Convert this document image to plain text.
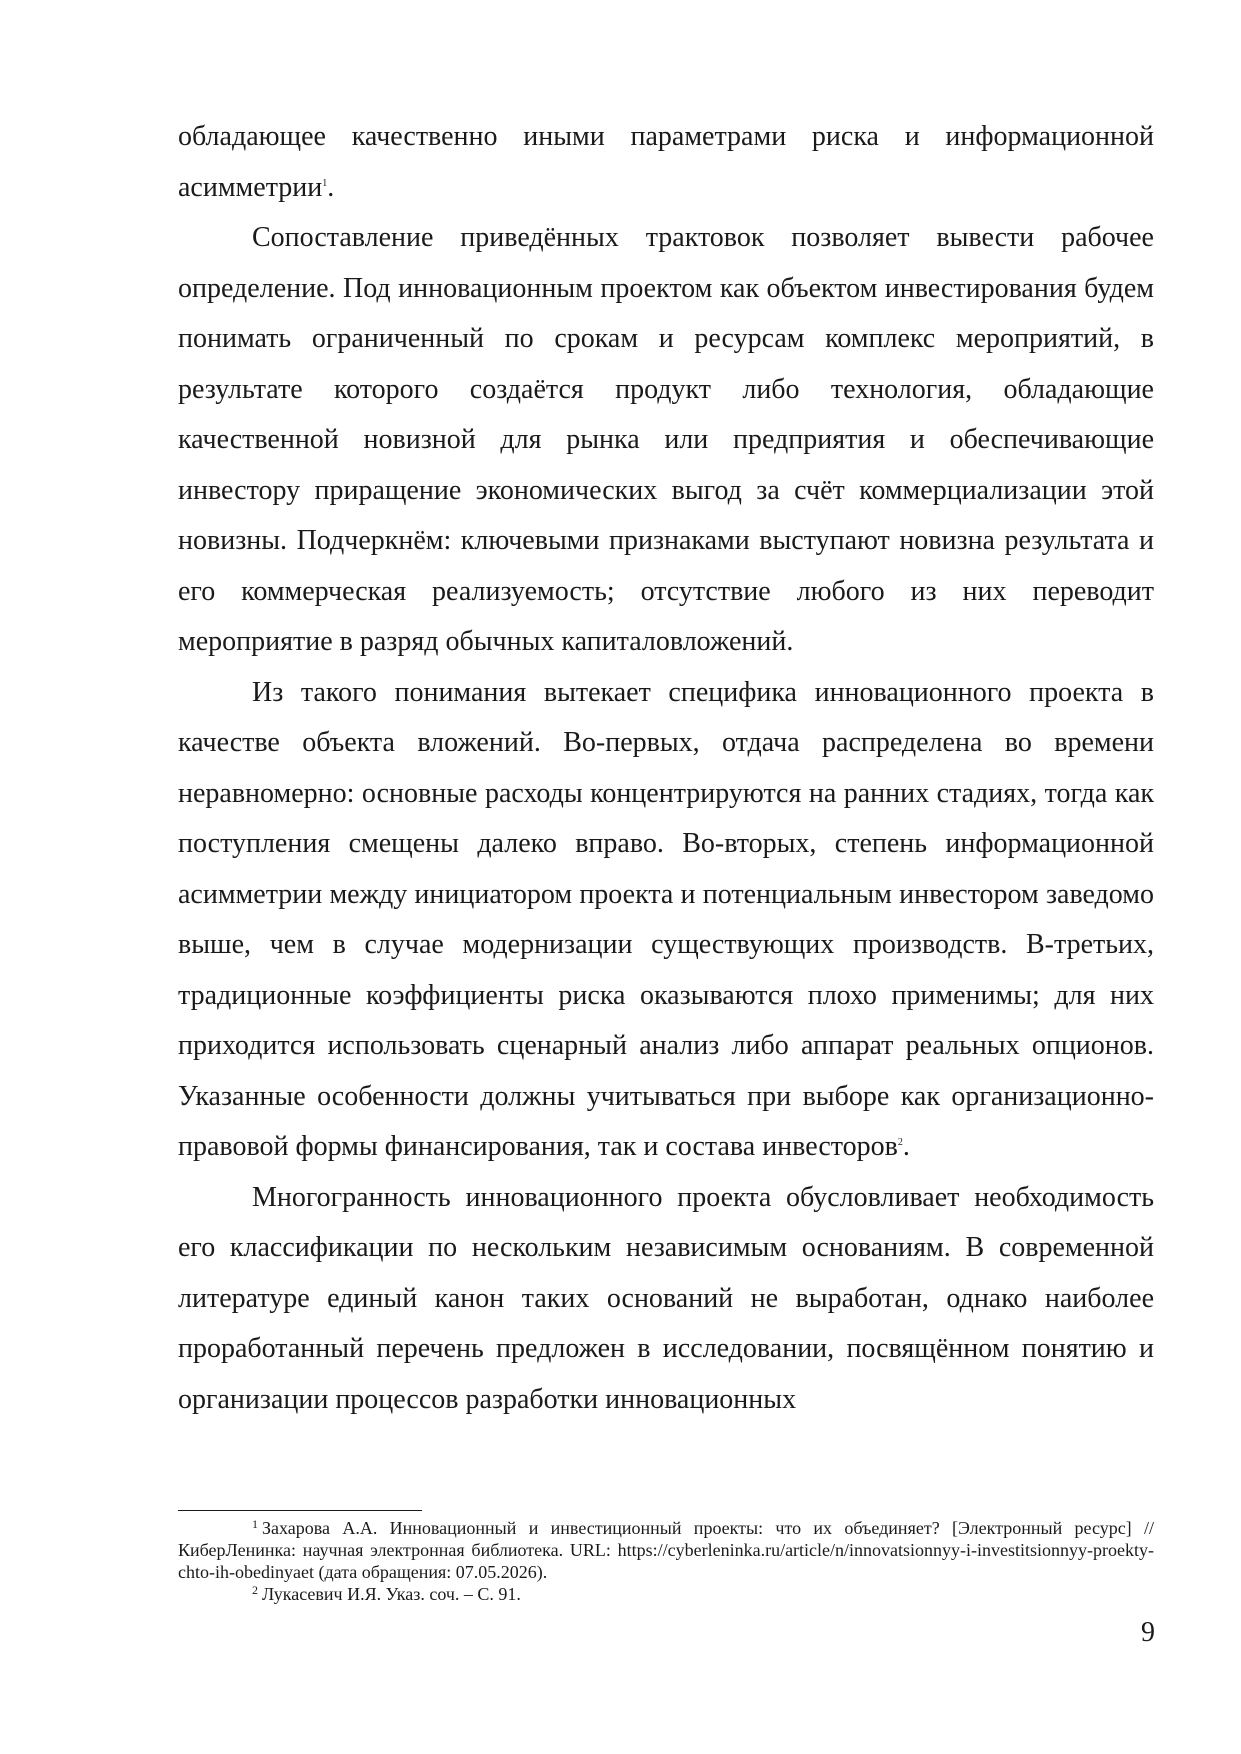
обладающее качественно иными параметрами риска и информационной асимметрии$^1$.

Сопоставление приведённых трактовок позволяет вывести рабочее определение. Под инновационным проектом как объектом инвестирования будем понимать ограниченный по срокам и ресурсам комплекс мероприятий, в результате которого создаётся продукт либо технология, обладающие качественной новизной для рынка или предприятия и обеспечивающие инвестору приращение экономических выгод за счёт коммерциализации этой новизны. Подчеркнём: ключевыми признаками выступают новизна результата и его коммерческая реализуемость; отсутствие любого из них переводит мероприятие в разряд обычных капиталовложений.

Из такого понимания вытекает специфика инновационного проекта в качестве объекта вложений. Во-первых, отдача распределена во времени неравномерно: основные расходы концентрируются на ранних стадиях, тогда как поступления смещены далеко вправо. Во-вторых, степень информационной асимметрии между инициатором проекта и потенциальным инвестором заведомо выше, чем в случае модернизации существующих производств. В-третьих, традиционные коэффициенты риска оказываются плохо применимы; для них приходится использовать сценарный анализ либо аппарат реальных опционов. Указанные особенности должны учитываться при выборе как организационно-правовой формы финансирования, так и состава инвесторов$^2$.

Многогранность инновационного проекта обусловливает необходимость его классификации по нескольким независимым основаниям. В современной литературе единый канон таких оснований не выработан, однако наиболее проработанный перечень предложен в исследовании, посвящённом понятию и организации процессов разработки инновационных

$^1$ Захарова А.А. Инновационный и инвестиционный проекты: что их объединяет? [Электронный ресурс] // КиберЛенинка: научная электронная библиотека. URL: https://cyberleninka.ru/article/n/innovatsionnyy-i-investitsionnyy-proekty-chto-ih-obedinyaet (дата обращения: 07.05.2026).

$^2$ Лукасевич И.Я. Указ. соч. – С. 91.

9
